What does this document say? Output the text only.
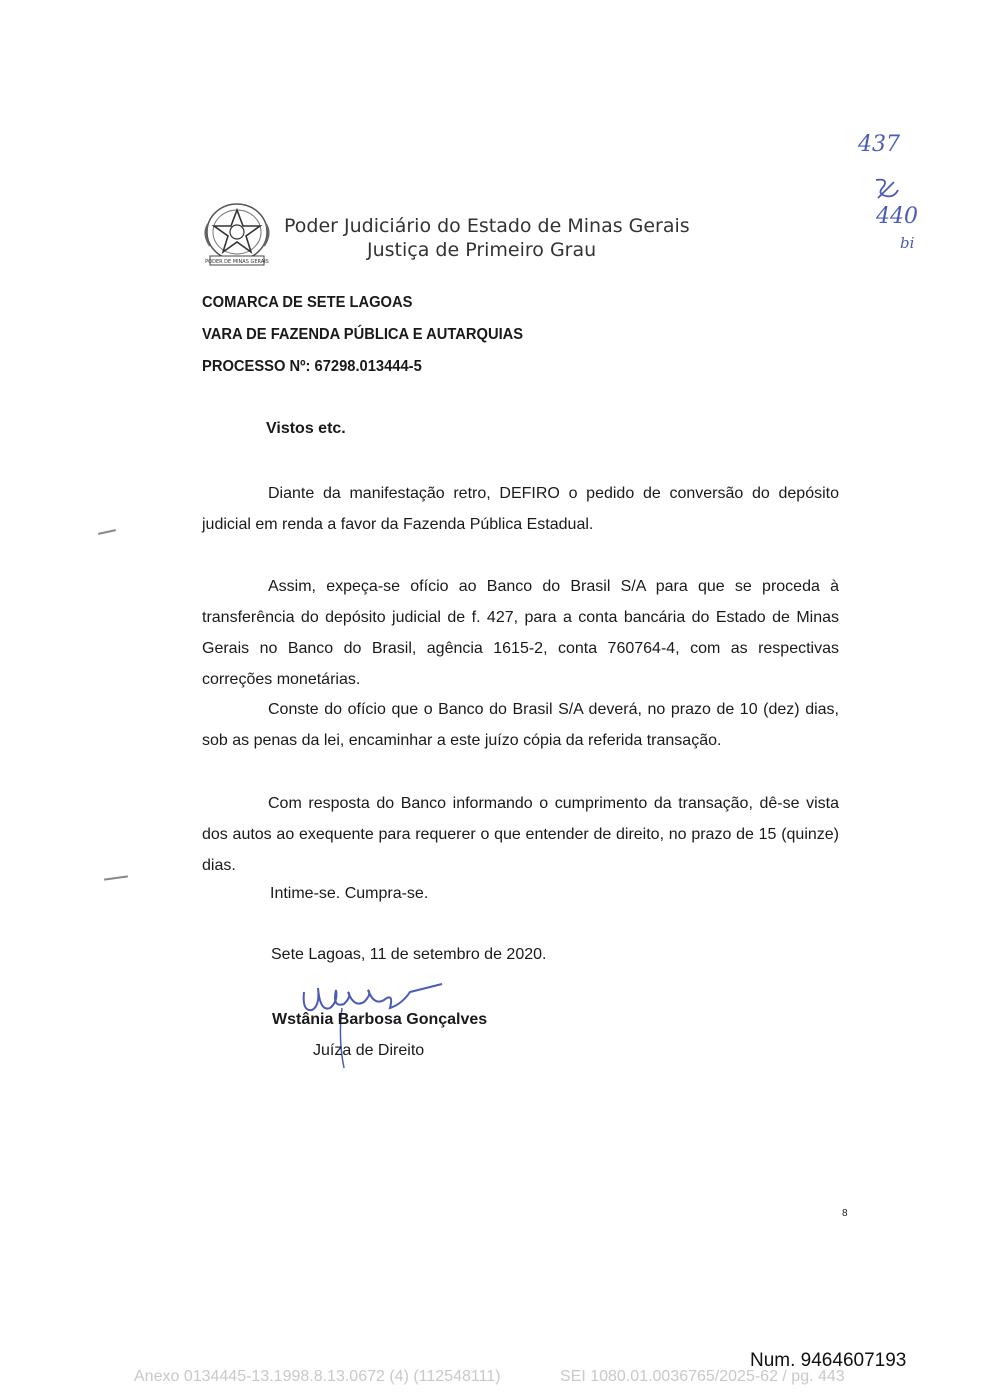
PODER DE MINAS GERAIS
Poder Judiciário do Estado de Minas Gerais
Justiça de Primeiro Grau
437
440
bi
COMARCA DE SETE LAGOAS
VARA DE FAZENDA PÚBLICA E AUTARQUIAS
PROCESSO Nº: 67298.013444-5
Vistos etc.
Diante da manifestação retro, DEFIRO o pedido de conversão do depósito judicial em renda a favor da Fazenda Pública Estadual.
Assim, expeça-se ofício ao Banco do Brasil S/A para que se proceda à transferência do depósito judicial de f. 427, para a conta bancária do Estado de Minas Gerais no Banco do Brasil, agência 1615-2, conta 760764-4, com as respectivas correções monetárias.
Conste do ofício que o Banco do Brasil S/A deverá, no prazo de 10 (dez) dias, sob as penas da lei, encaminhar a este juízo cópia da referida transação.
Com resposta do Banco informando o cumprimento da transação, dê-se vista dos autos ao exequente para requerer o que entender de direito, no prazo de 15 (quinze) dias.
Intime-se. Cumpra-se.
Sete Lagoas, 11 de setembro de 2020.
Wstânia Barbosa Gonçalves
Juíza de Direito
8
Num. 9464607193
Anexo 0134445-13.1998.8.13.0672 (4) (112548111)	SEI 1080.01.0036765/2025-62 / pg. 443
